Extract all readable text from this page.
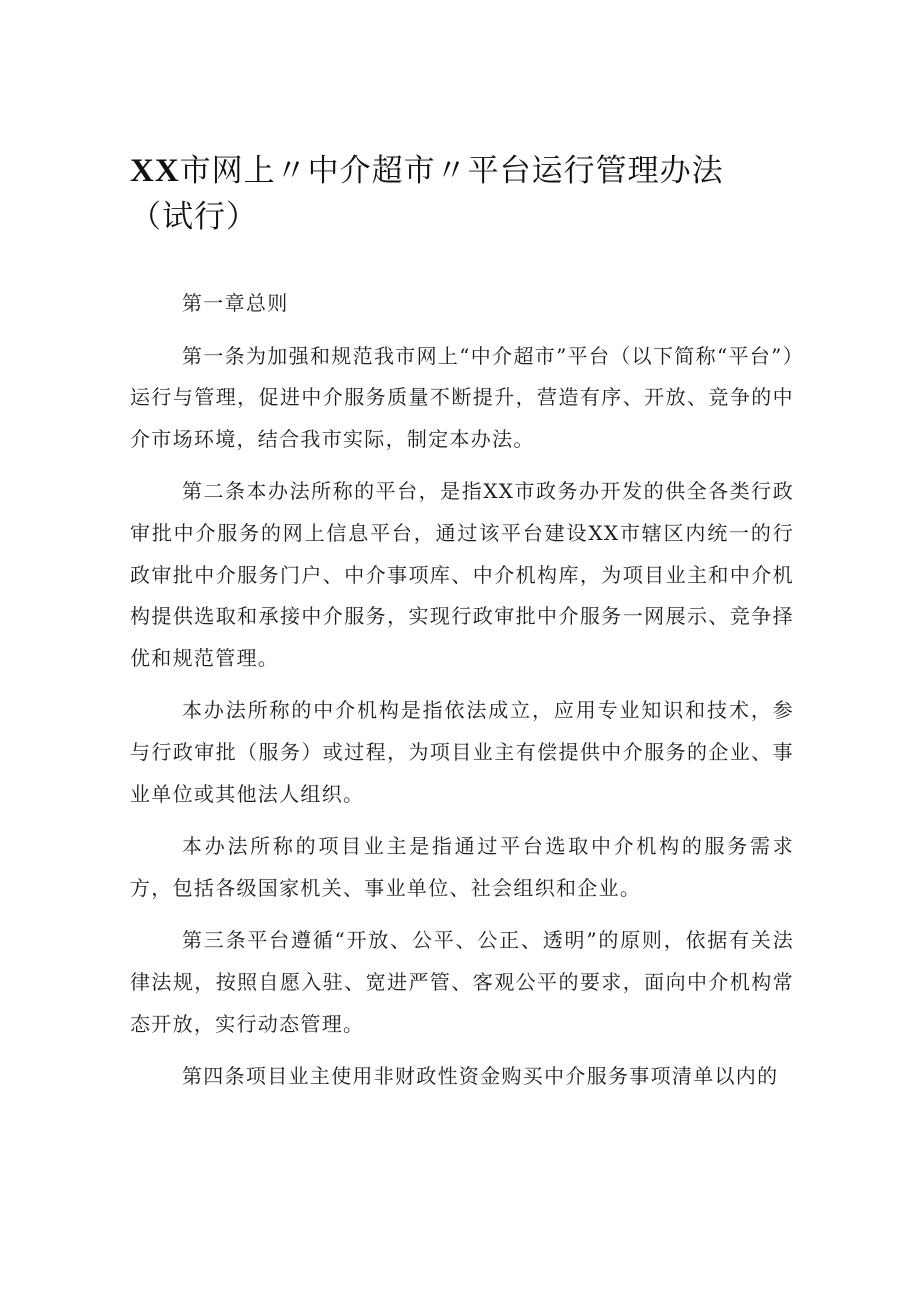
XX市网上〃中介超市〃平台运行管理办法（试行）

第一章总则

第一条为加强和规范我市网上“中介超市”平台（以下简称“平台”）运行与管理，促进中介服务质量不断提升，营造有序、开放、竞争的中介市场环境，结合我市实际，制定本办法。

第二条本办法所称的平台，是指XX市政务办开发的供全各类行政审批中介服务的网上信息平台，通过该平台建设XX市辖区内统一的行政审批中介服务门户、中介事项库、中介机构库，为项目业主和中介机构提供选取和承接中介服务，实现行政审批中介服务一网展示、竞争择优和规范管理。

本办法所称的中介机构是指依法成立，应用专业知识和技术，参与行政审批（服务）或过程，为项目业主有偿提供中介服务的企业、事业单位或其他法人组织。

本办法所称的项目业主是指通过平台选取中介机构的服务需求方，包括各级国家机关、事业单位、社会组织和企业。

第三条平台遵循“开放、公平、公正、透明”的原则，依据有关法律法规，按照自愿入驻、宽进严管、客观公平的要求，面向中介机构常态开放，实行动态管理。

第四条项目业主使用非财政性资金购买中介服务事项清单以内的
